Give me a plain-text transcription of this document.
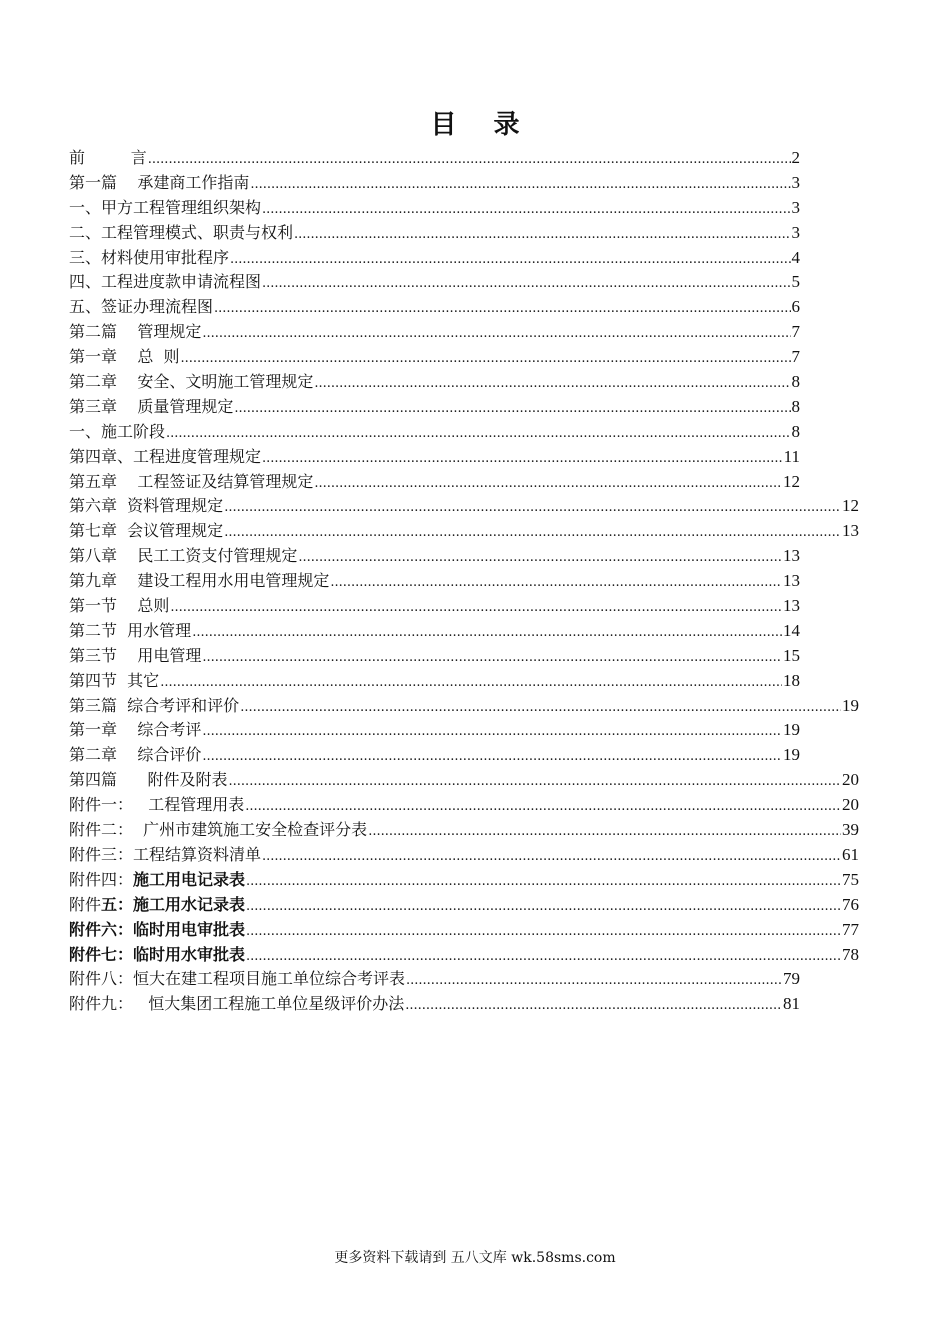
目 录
前         言 .....	2
第一篇    承建商工作指南 .....	3
一、甲方工程管理组织架构 .....	3
二、工程管理模式、职责与权利 .....	3
三、材料使用审批程序 .....	4
四、工程进度款申请流程图 .....	5
五、签证办理流程图 .....	6
第二篇    管理规定 .....	7
第一章    总  则 .....	7
第二章    安全、文明施工管理规定 .....	8
第三章    质量管理规定 .....	8
一、施工阶段 .....	8
第四章、工程进度管理规定 .....	11
第五章    工程签证及结算管理规定 .....	12
第六章  资料管理规定 .....	12
第七章  会议管理规定 .....	13
第八章    民工工资支付管理规定 .....	13
第九章    建设工程用水用电管理规定 .....	13
第一节    总则 .....	13
第二节  用水管理 .....	14
第三节    用电管理 .....	15
第四节  其它 .....	18
第三篇  综合考评和评价 .....	19
第一章    综合考评 .....	19
第二章    综合评价 .....	19
第四篇      附件及附表 .....	20
附件一：   工程管理用表 .....	20
附件二：  广州市建筑施工安全检查评分表 .....	39
附件三：工程结算资料清单 .....	61
附件四： 施工用电记录表 .....	75
附件 五：施工用水记录表 .....	76
附件六：临时用电审批表 .....	77
附件七：临时用水审批表 .....	78
附件八：恒大在建工程项目施工单位综合考评表 .....	79
附件九：   恒大集团工程施工单位星级评价办法 .....	81
更多资料下载请到 五八文库 wk.58sms.com
